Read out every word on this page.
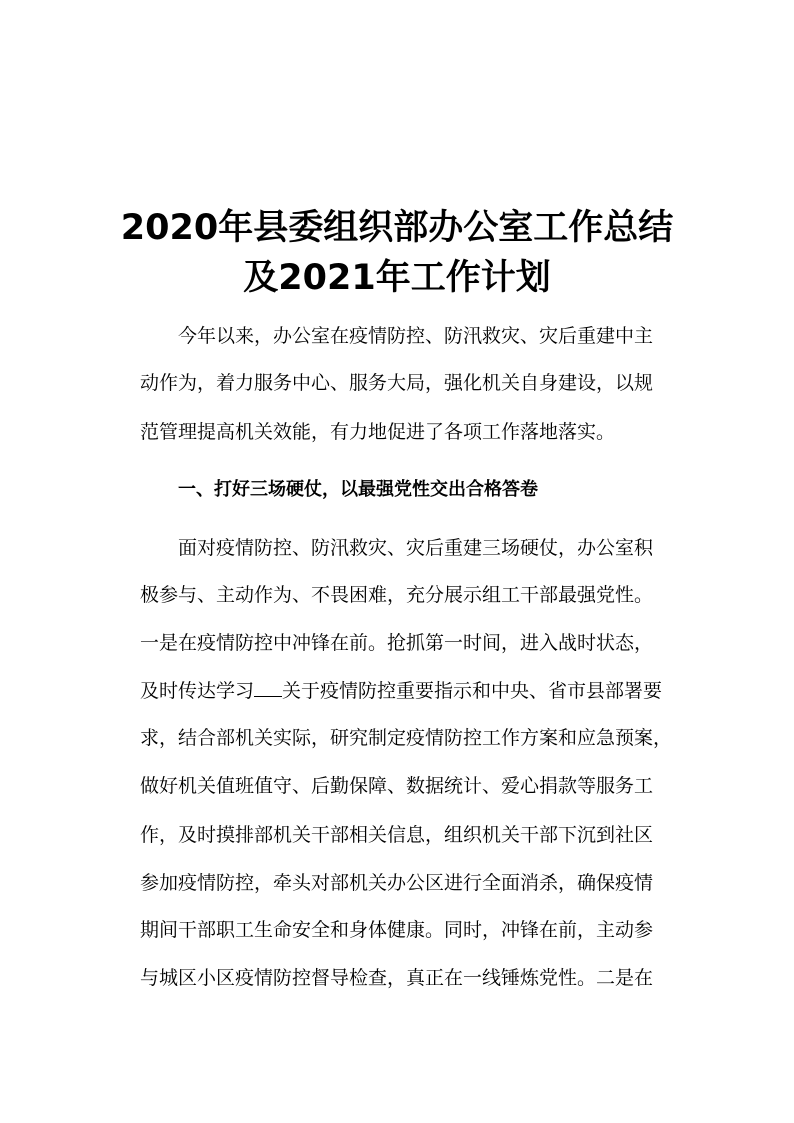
2020年县委组织部办公室工作总结
及2021年工作计划
今年以来，办公室在疫情防控、防汛救灾、灾后重建中主
动作为，着力服务中心、服务大局，强化机关自身建设，以规
范管理提高机关效能，有力地促进了各项工作落地落实。
一、打好三场硬仗，以最强党性交出合格答卷
面对疫情防控、防汛救灾、灾后重建三场硬仗，办公室积
极参与、主动作为、不畏困难，充分展示组工干部最强党性。
一是在疫情防控中冲锋在前。抢抓第一时间，进入战时状态，
及时传达学习 关于疫情防控重要指示和中央、省市县部署要
求，结合部机关实际，研究制定疫情防控工作方案和应急预案，
做好机关值班值守、后勤保障、数据统计、爱心捐款等服务工
作，及时摸排部机关干部相关信息，组织机关干部下沉到社区
参加疫情防控，牵头对部机关办公区进行全面消杀，确保疫情
期间干部职工生命安全和身体健康。同时，冲锋在前，主动参
与城区小区疫情防控督导检查，真正在一线锤炼党性。二是在
